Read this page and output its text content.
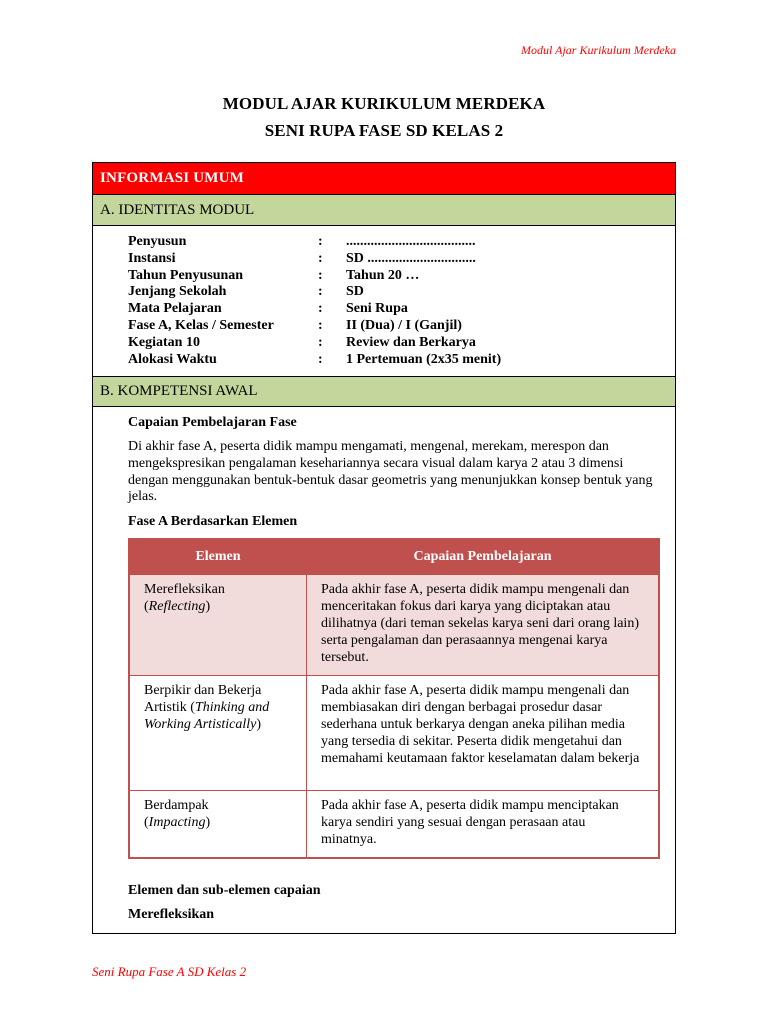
Modul Ajar Kurikulum Merdeka
MODUL AJAR KURIKULUM MERDEKA
SENI RUPA FASE SD KELAS 2
INFORMASI UMUM
A. IDENTITAS MODUL
Penyusun	:	.....................................
Instansi	:	SD ...............................
Tahun Penyusunan	:	Tahun 20 …
Jenjang Sekolah	:	SD
Mata Pelajaran	:	Seni Rupa
Fase A, Kelas / Semester	:	II (Dua) / I (Ganjil)
Kegiatan 10	:	Review dan Berkarya
Alokasi Waktu	:	1 Pertemuan (2x35 menit)
B. KOMPETENSI AWAL

Capaian Pembelajaran Fase

Di akhir fase A, peserta didik mampu mengamati, mengenal, merekam, merespon dan mengekspresikan pengalaman kesehariannya secara visual dalam karya 2 atau 3 dimensi dengan menggunakan bentuk-bentuk dasar geometris yang menunjukkan konsep bentuk yang jelas.

Fase A Berdasarkan Elemen

Elemen	Capaian Pembelajaran
Merefleksikan
(Reflecting)	Pada akhir fase A, peserta didik mampu mengenali dan menceritakan fokus dari karya yang diciptakan atau dilihatnya (dari teman sekelas karya seni dari orang lain) serta pengalaman dan perasaannya mengenai karya tersebut.
Berpikir dan Bekerja Artistik (Thinking and Working Artistically)	Pada akhir fase A, peserta didik mampu mengenali dan membiasakan diri dengan berbagai prosedur dasar sederhana untuk berkarya dengan aneka pilihan media yang tersedia di sekitar. Peserta didik mengetahui dan memahami keutamaan faktor keselamatan dalam bekerja
Berdampak
(Impacting)	Pada akhir fase A, peserta didik mampu menciptakan karya sendiri yang sesuai dengan perasaan atau minatnya.
Elemen dan sub-elemen capaian
Merefleksikan
Seni Rupa Fase A SD Kelas 2
